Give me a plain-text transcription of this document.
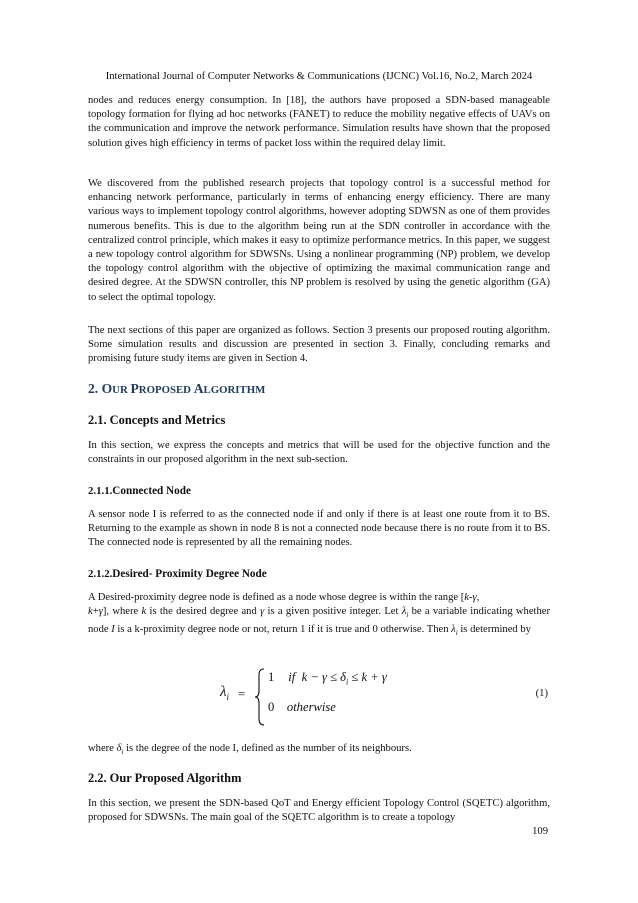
International Journal of Computer Networks & Communications (IJCNC) Vol.16, No.2, March 2024

nodes and reduces energy consumption. In [18], the authors have proposed a SDN-based manageable topology formation for flying ad hoc networks (FANET) to reduce the mobility negative effects of UAVs on the communication and improve the network performance. Simulation results have shown that the proposed solution gives high efficiency in terms of packet loss within the required delay limit.

We discovered from the published research projects that topology control is a successful method for enhancing network performance, particularly in terms of enhancing energy efficiency. There are many various ways to implement topology control algorithms, however adopting SDWSN as one of them provides numerous benefits. This is due to the algorithm being run at the SDN controller in accordance with the centralized control principle, which makes it easy to optimize performance metrics. In this paper, we suggest a new topology control algorithm for SDWSNs. Using a nonlinear programming (NP) problem, we develop the topology control algorithm with the objective of optimizing the maximal communication range and desired degree. At the SDWSN controller, this NP problem is resolved by using the genetic algorithm (GA) to select the optimal topology.

The next sections of this paper are organized as follows. Section 3 presents our proposed routing algorithm. Some simulation results and discussion are presented in section 3. Finally, concluding remarks and promising future study items are given in Section 4.

2. OUR PROPOSED ALGORITHM
2.1. Concepts and Metrics

In this section, we express the concepts and metrics that will be used for the objective function and the constraints in our proposed algorithm in the next sub-section.

2.1.1.Connected Node

A sensor node I is referred to as the connected node if and only if there is at least one route from it to BS. Returning to the example as shown in node 8 is not a connected node because there is no route from it to BS. The connected node is represented by all the remaining nodes.

2.1.2.Desired- Proximity Degree Node

A Desired-proximity degree node is defined as a node whose degree is within the range [k-γ,
k+γ], where k is the desired degree and γ is a given positive integer. Let $\lambda_i$ be a variable indicating whether node I is a k-proximity degree node or not, return 1 if it is true and 0 otherwise. Then $\lambda_i$ is determined by

$\lambda_i$ =
1 if $k - \gamma \le \delta_i \le k + \gamma$
0 otherwise
(1)

where $\delta_i$ is the degree of the node I, defined as the number of its neighbours.

2.2. Our Proposed Algorithm

In this section, we present the SDN-based QoT and Energy efficient Topology Control (SQETC) algorithm, proposed for SDWSNs. The main goal of the SQETC algorithm is to create a topology

109
